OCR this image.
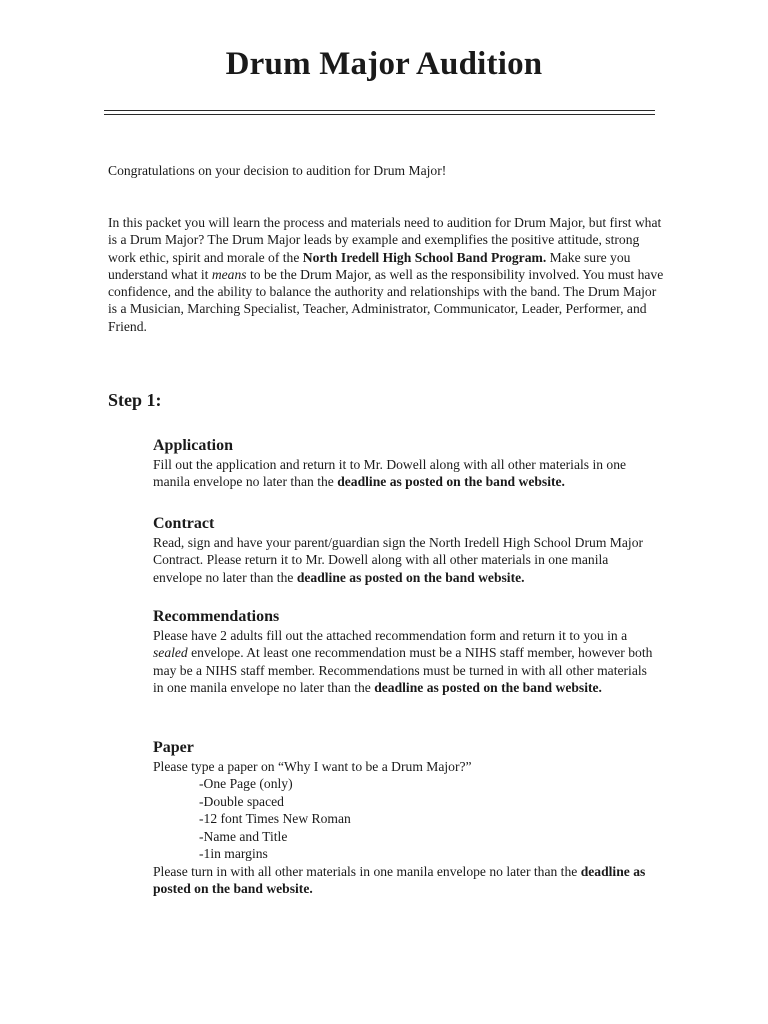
Drum Major Audition

Congratulations on your decision to audition for Drum Major!

In this packet you will learn the process and materials need to audition for Drum Major, but first what is a Drum Major? The Drum Major leads by example and exemplifies the positive attitude, strong work ethic, spirit and morale of the North Iredell High School Band Program. Make sure you understand what it means to be the Drum Major, as well as the responsibility involved. You must have confidence, and the ability to balance the authority and relationships with the band. The Drum Major is a Musician, Marching Specialist, Teacher, Administrator, Communicator, Leader, Performer, and Friend.

Step 1:
Application

Fill out the application and return it to Mr. Dowell along with all other materials in one manila envelope no later than the deadline as posted on the band website.

Contract

Read, sign and have your parent/guardian sign the North Iredell High School Drum Major Contract. Please return it to Mr. Dowell along with all other materials in one manila envelope no later than the deadline as posted on the band website.

Recommendations

Please have 2 adults fill out the attached recommendation form and return it to you in a sealed envelope. At least one recommendation must be a NIHS staff member, however both may be a NIHS staff member. Recommendations must be turned in with all other materials in one manila envelope no later than the deadline as posted on the band website.

Paper

Please type a paper on “Why I want to be a Drum Major?”

-One Page (only)
-Double spaced
-12 font Times New Roman
-Name and Title
-1in margins

Please turn in with all other materials in one manila envelope no later than the deadline as posted on the band website.
